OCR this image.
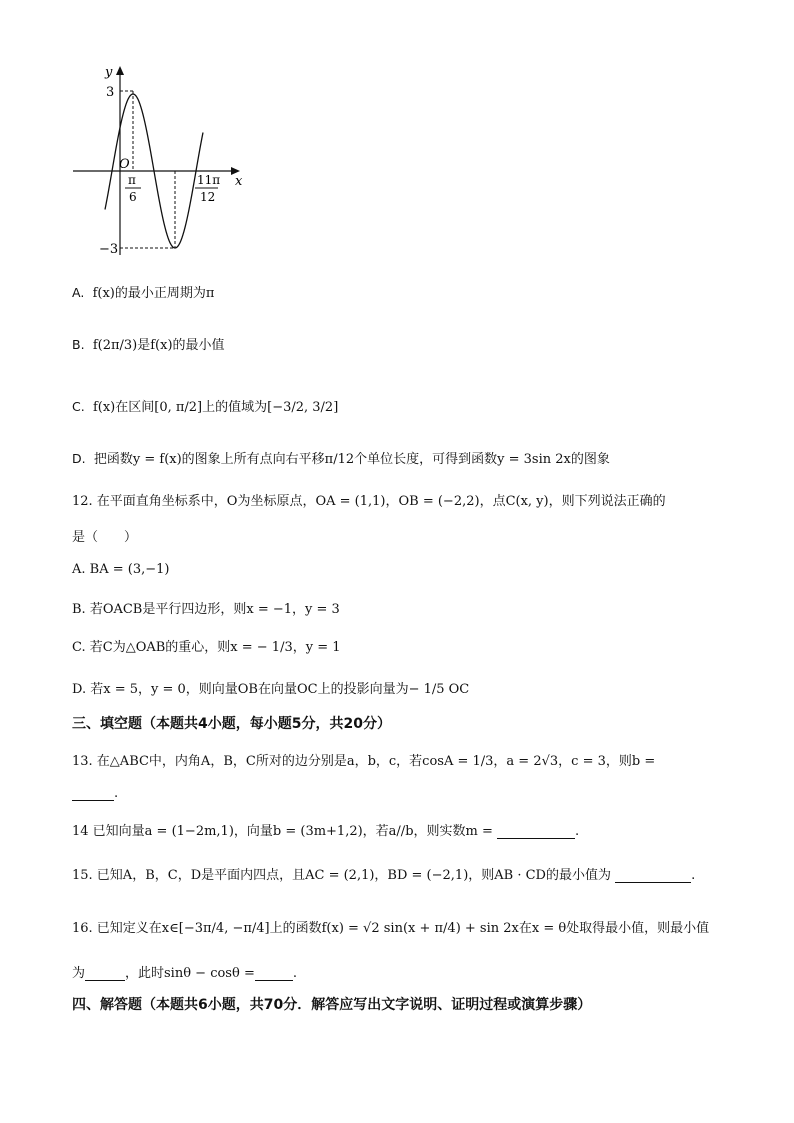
y
x
O
3
−3
π
6
11π
12
A. f(x)的最小正周期为π
B. f(2π/3)是f(x)的最小值
C. f(x)在区间[0, π/2]上的值域为[−3/2, 3/2]
D. 把函数y = f(x)的图象上所有点向右平移π/12个单位长度，可得到函数y = 3sin 2x的图象
12. 在平面直角坐标系中，O为坐标原点，OA = (1,1)，OB = (−2,2)，点C(x, y)，则下列说法正确的
是（　　）
A. BA = (3,−1)
B. 若OACB是平行四边形，则x = −1，y = 3
C. 若C为△OAB的重心，则x = − 1/3，y = 1
D. 若x = 5，y = 0，则向量OB在向量OC上的投影向量为− 1/5 OC
三、填空题（本题共4小题，每小题5分，共20分）
13. 在△ABC中，内角A，B，C所对的边分别是a，b，c，若cosA = 1/3，a = 2√3，c = 3，则b =
.
14 已知向量a = (1−2m,1)，向量b = (3m+1,2)，若a//b，则实数m =	.
15. 已知A，B，C，D是平面内四点，且AC = (2,1)，BD = (−2,1)，则AB · CD的最小值为	.
16. 已知定义在x∈[−3π/4, −π/4]上的函数f(x) = √2 sin(x + π/4) + sin 2x在x = θ处取得最小值，则最小值
为	，此时sinθ − cosθ =	.
四、解答题（本题共6小题，共70分．解答应写出文字说明、证明过程或演算步骤）
